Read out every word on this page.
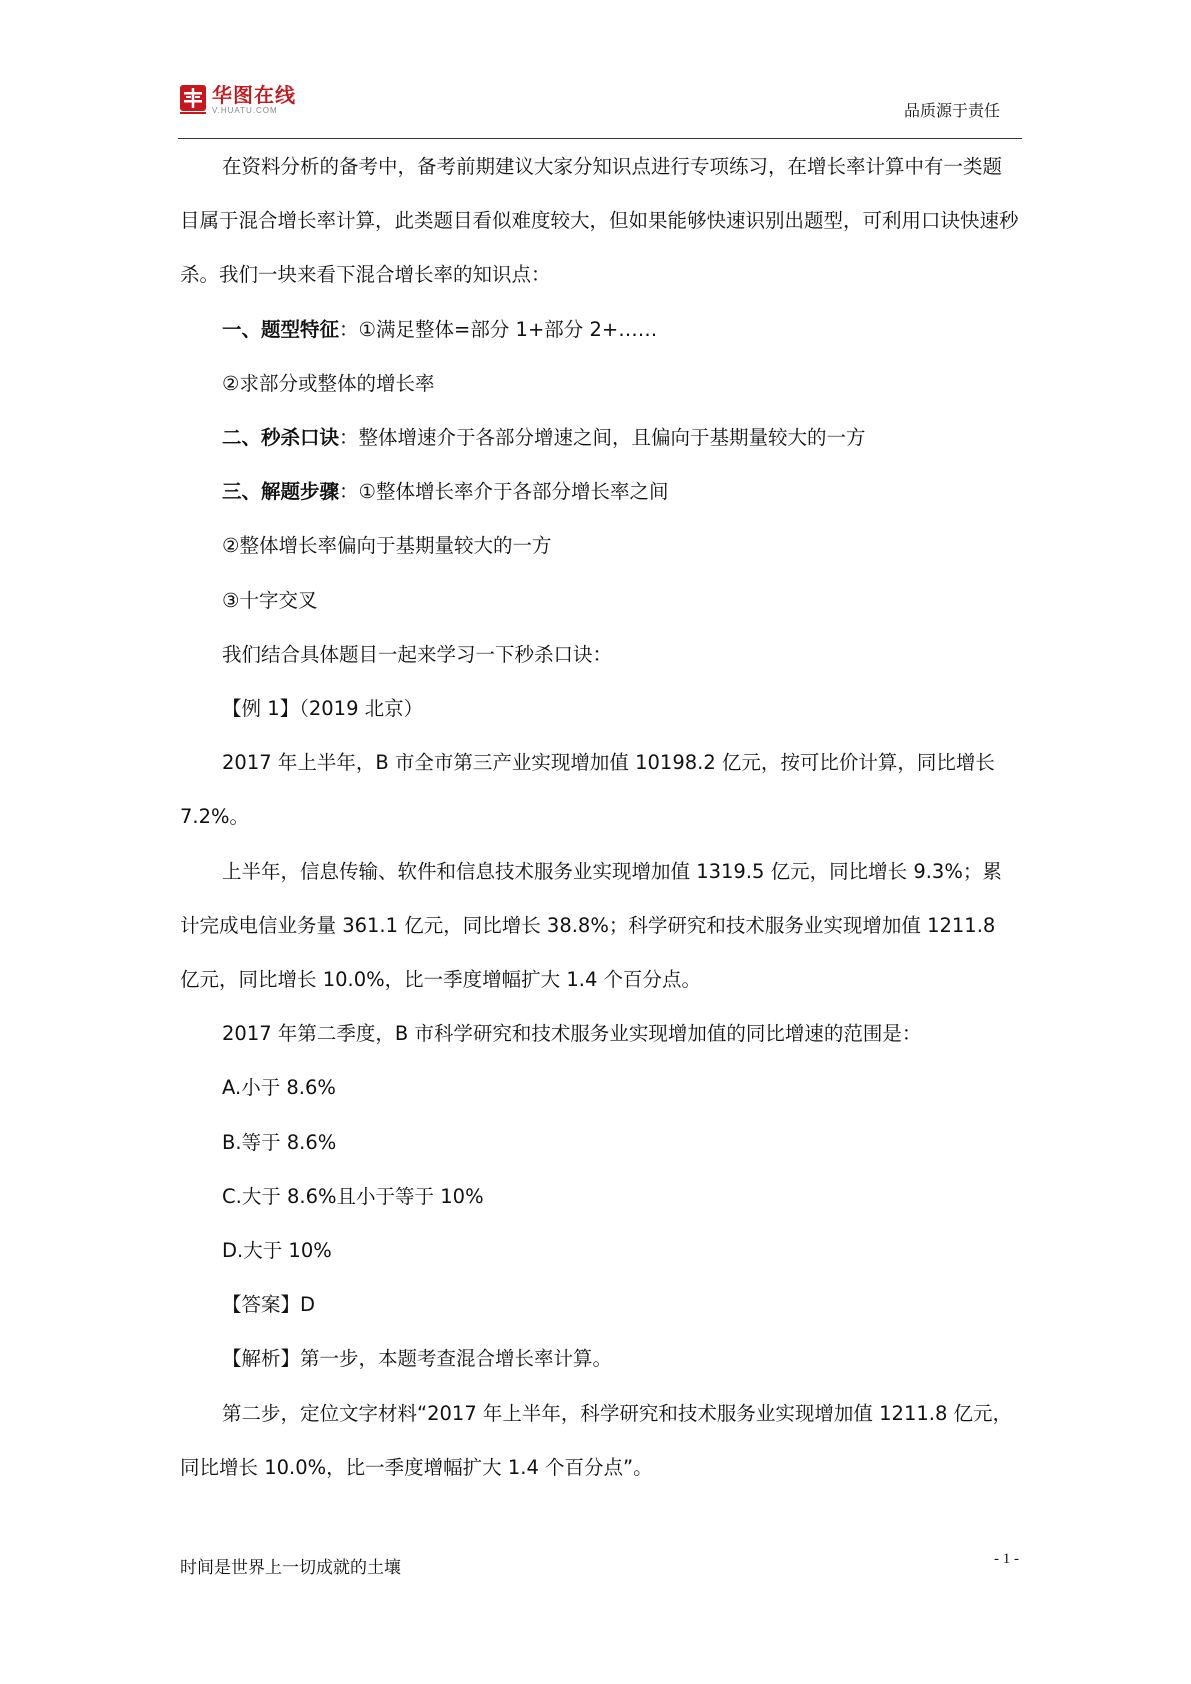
华图在线
V.HUATU.COM	品质源于责任

在资料分析的备考中，备考前期建议大家分知识点进行专项练习，在增长率计算中有一类题目属于混合增长率计算，此类题目看似难度较大，但如果能够快速识别出题型，可利用口诀快速秒杀。我们一块来看下混合增长率的知识点：

一、题型特征：①满足整体=部分 1+部分 2+……

②求部分或整体的增长率

二、秒杀口诀：整体增速介于各部分增速之间，且偏向于基期量较大的一方

三、解题步骤：①整体增长率介于各部分增长率之间

②整体增长率偏向于基期量较大的一方

③十字交叉

我们结合具体题目一起来学习一下秒杀口诀：

【例 1】（2019 北京）

2017 年上半年，B 市全市第三产业实现增加值 10198.2 亿元，按可比价计算，同比增长 7.2%。

上半年，信息传输、软件和信息技术服务业实现增加值 1319.5 亿元，同比增长 9.3%；累计完成电信业务量 361.1 亿元，同比增长 38.8%；科学研究和技术服务业实现增加值 1211.8 亿元，同比增长 10.0%，比一季度增幅扩大 1.4 个百分点。

2017 年第二季度，B 市科学研究和技术服务业实现增加值的同比增速的范围是：

A.小于 8.6%

B.等于 8.6%

C.大于 8.6%且小于等于 10%

D.大于 10%

【答案】D

【解析】第一步，本题考查混合增长率计算。

第二步，定位文字材料“2017 年上半年，科学研究和技术服务业实现增加值 1211.8 亿元，同比增长 10.0%，比一季度增幅扩大 1.4 个百分点”。

时间是世界上一切成就的土壤	- 1 -
